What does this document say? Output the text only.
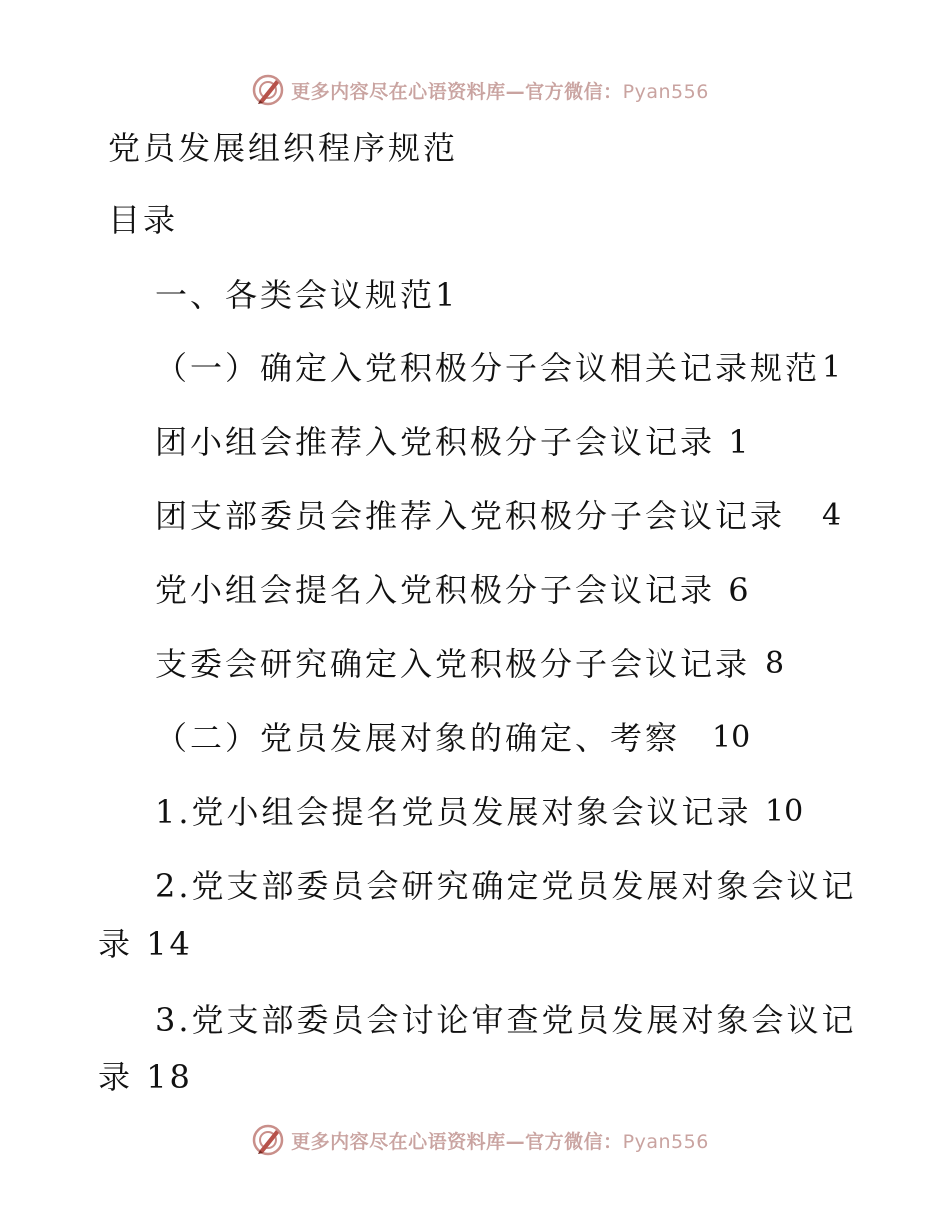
更多内容尽在心语资料库—官方微信：Pyan556
党员发展组织程序规范
目录
一、各类会议规范1
（一）确定入党积极分子会议相关记录规范 1
团小组会推荐入党积极分子会议记录 1
团支部委员会推荐入党积极分子会议记录 4
党小组会提名入党积极分子会议记录 6
支委会研究确定入党积极分子会议记录 8
（二）党员发展对象的确定、考察 10
1.党小组会提名党员发展对象会议记录 10
2.党支部委员会研究确定党员发展对象会议记
录 14
3.党支部委员会讨论审查党员发展对象会议记
录 18
更多内容尽在心语资料库—官方微信：Pyan556
